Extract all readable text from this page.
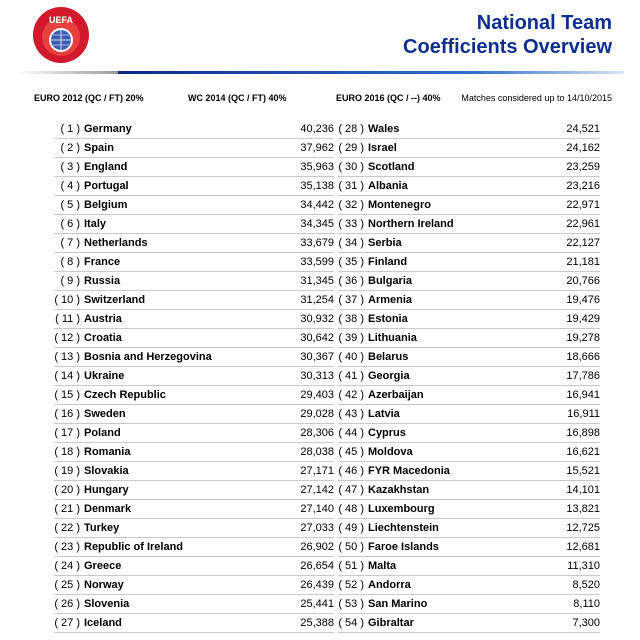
UEFA	National Team
Coefficients Overview
EURO 2012 (QC / FT) 20%	WC 2014 (QC / FT) 40%	EURO 2016 (QC / --) 40% Matches considered up to 14/10/2015
( 1 ) Germany	40,236
( 2 ) Spain	37,962
( 3 ) England	35,963
( 4 ) Portugal	35,138
( 5 ) Belgium	34,442
( 6 ) Italy	34,345
( 7 ) Netherlands	33,679
( 8 ) France	33,599
( 9 ) Russia	31,345
( 10 ) Switzerland	31,254
( 11 ) Austria	30,932
( 12 ) Croatia	30,642
( 13 ) Bosnia and Herzegovina	30,367
( 14 ) Ukraine	30,313
( 15 ) Czech Republic	29,403
( 16 ) Sweden	29,028
( 17 ) Poland	28,306
( 18 ) Romania	28,038
( 19 ) Slovakia	27,171
( 20 ) Hungary	27,142
( 21 ) Denmark	27,140
( 22 ) Turkey	27,033
( 23 ) Republic of Ireland	26,902
( 24 ) Greece	26,654
( 25 ) Norway	26,439
( 26 ) Slovenia	25,441
( 27 ) Iceland	25,388
( 28 ) Wales	24,521
( 29 ) Israel	24,162
( 30 ) Scotland	23,259
( 31 ) Albania	23,216
( 32 ) Montenegro	22,971
( 33 ) Northern Ireland	22,961
( 34 ) Serbia	22,127
( 35 ) Finland	21,181
( 36 ) Bulgaria	20,766
( 37 ) Armenia	19,476
( 38 ) Estonia	19,429
( 39 ) Lithuania	19,278
( 40 ) Belarus	18,666
( 41 ) Georgia	17,786
( 42 ) Azerbaijan	16,941
( 43 ) Latvia	16,911
( 44 ) Cyprus	16,898
( 45 ) Moldova	16,621
( 46 ) FYR Macedonia	15,521
( 47 ) Kazakhstan	14,101
( 48 ) Luxembourg	13,821
( 49 ) Liechtenstein	12,725
( 50 ) Faroe Islands	12,681
( 51 ) Malta	11,310
( 52 ) Andorra	8,520
( 53 ) San Marino	8,110
( 54 ) Gibraltar	7,300
